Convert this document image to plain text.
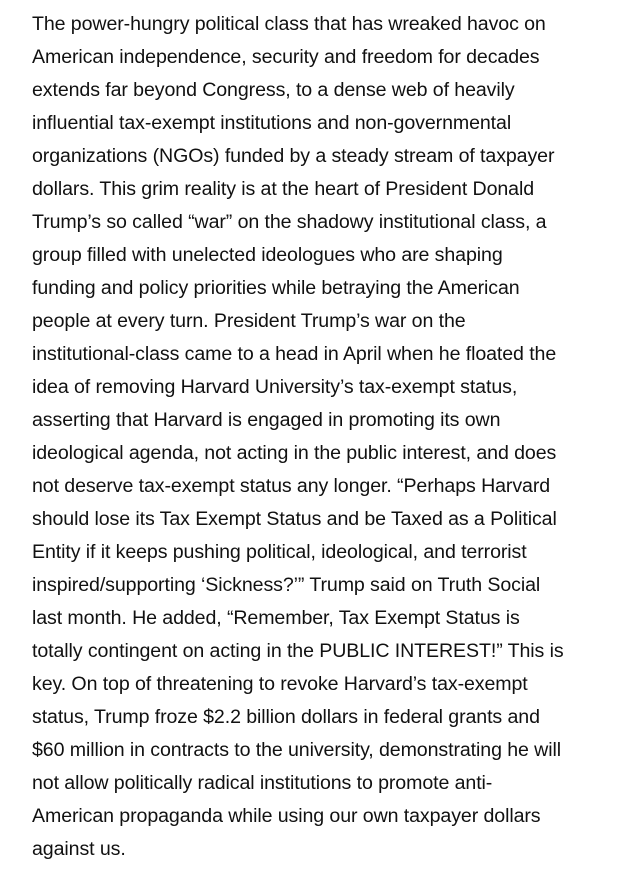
The power-hungry political class that has wreaked havoc on
American independence, security and freedom for decades
extends far beyond Congress, to a dense web of heavily
influential tax-exempt institutions and non-governmental
organizations (NGOs) funded by a steady stream of taxpayer
dollars. This grim reality is at the heart of President Donald
Trump’s so called “war” on the shadowy institutional class, a
group filled with unelected ideologues who are shaping
funding and policy priorities while betraying the American
people at every turn. President Trump’s war on the
institutional-class came to a head in April when he floated the
idea of removing Harvard University’s tax-exempt status,
asserting that Harvard is engaged in promoting its own
ideological agenda, not acting in the public interest, and does
not deserve tax-exempt status any longer. “Perhaps Harvard
should lose its Tax Exempt Status and be Taxed as a Political
Entity if it keeps pushing political, ideological, and terrorist
inspired/supporting ‘Sickness?’” Trump said on Truth Social
last month. He added, “Remember, Tax Exempt Status is
totally contingent on acting in the PUBLIC INTEREST!” This is
key. On top of threatening to revoke Harvard’s tax-exempt
status, Trump froze $2.2 billion dollars in federal grants and
$60 million in contracts to the university, demonstrating he will
not allow politically radical institutions to promote anti-
American propaganda while using our own taxpayer dollars
against us.
